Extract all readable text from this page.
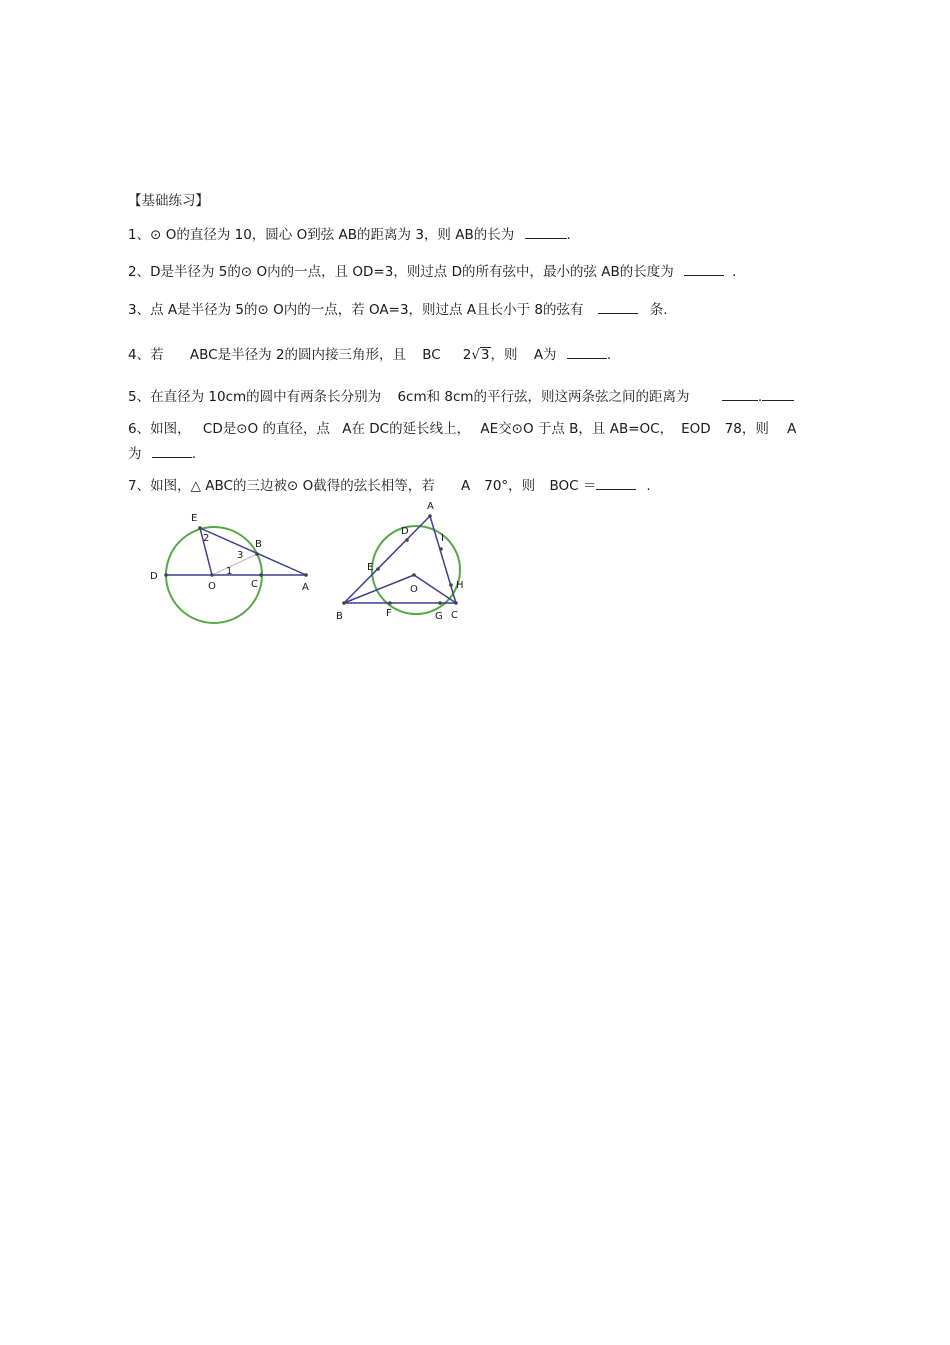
【基础练习】
1、⊙ O的直径为 10，圆心 O到弦 AB的距离为 3，则 AB的长为	.
2、D是半径为 5的⊙ O内的一点，且 OD=3，则过点 D的所有弦中，最小的弦 AB的长度为	.
3、点 A是半径为 5的⊙ O内的一点，若 OA=3，则过点 A且长小于 8的弦有	条.
4、若 ABC是半径为 2的圆内接三角形，且 BC 2√3，则 A为	.
5、在直径为 10cm的圆中有两条长分别为 6cm和 8cm的平行弦，则这两条弦之间的距离为	.
6、如图， CD是⊙O 的直径，点 A在 DC的延长线上， AE交⊙O 于点 B，且 AB=OC， EOD 78，则 A
为	.
7、如图，△ ABC的三边被⊙ O截得的弦长相等，若 A 70°，则 BOC ＝	.
E
B
D
O	C	A
1
2
3
A
D
I
E
O	H
B	F	G C
